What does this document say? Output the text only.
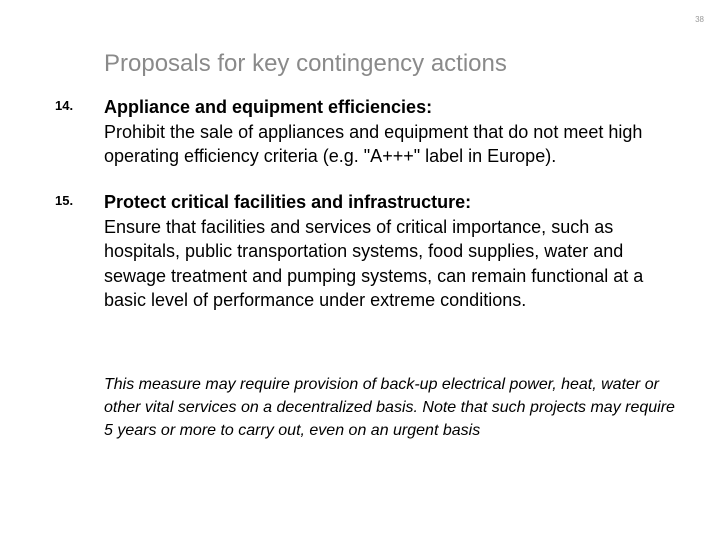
38
Proposals for key contingency actions
14. Appliance and equipment efficiencies:
Prohibit the sale of appliances and equipment that do not meet high operating efficiency criteria (e.g. "A+++" label in Europe).
15. Protect critical facilities and infrastructure:
Ensure that facilities and services of critical importance, such as hospitals, public transportation systems, food supplies, water and sewage treatment and pumping systems, can remain functional at a basic level of performance under extreme conditions.
This measure may require provision of back-up electrical power, heat, water or other vital services on a decentralized basis. Note that such projects may require 5 years or more to carry out, even on an urgent basis
